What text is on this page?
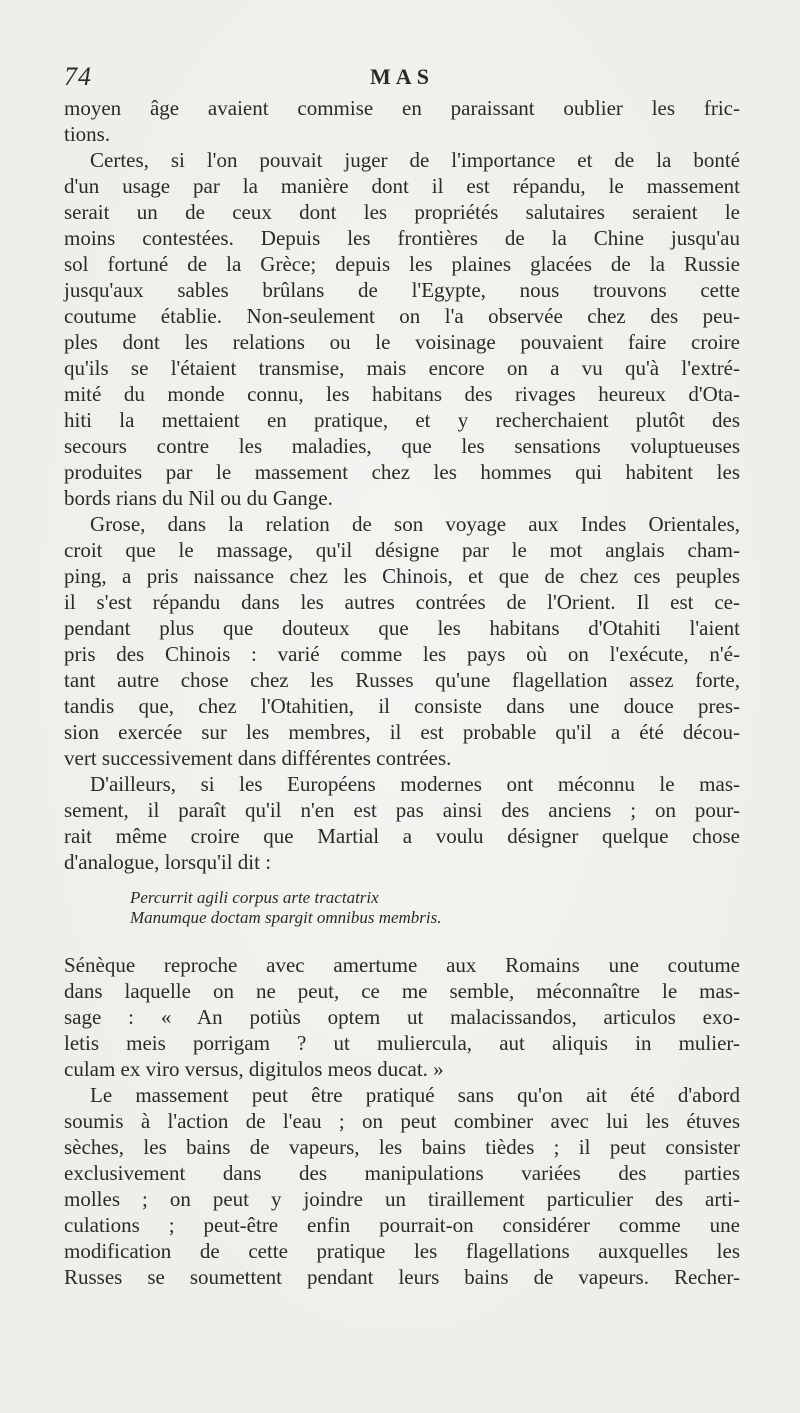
74	MAS
moyen âge avaient commise en paraissant oublier les fric-
tions.
Certes, si l'on pouvait juger de l'importance et de la bonté
d'un usage par la manière dont il est répandu, le massement
serait un de ceux dont les propriétés salutaires seraient le
moins contestées. Depuis les frontières de la Chine jusqu'au
sol fortuné de la Grèce; depuis les plaines glacées de la Russie
jusqu'aux sables brûlans de l'Egypte, nous trouvons cette
coutume établie. Non-seulement on l'a observée chez des peu-
ples dont les relations ou le voisinage pouvaient faire croire
qu'ils se l'étaient transmise, mais encore on a vu qu'à l'extré-
mité du monde connu, les habitans des rivages heureux d'Ota-
hiti la mettaient en pratique, et y recherchaient plutôt des
secours contre les maladies, que les sensations voluptueuses
produites par le massement chez les hommes qui habitent les
bords rians du Nil ou du Gange.
Grose, dans la relation de son voyage aux Indes Orientales,
croit que le massage, qu'il désigne par le mot anglais cham-
ping, a pris naissance chez les Chinois, et que de chez ces peuples
il s'est répandu dans les autres contrées de l'Orient. Il est ce-
pendant plus que douteux que les habitans d'Otahiti l'aient
pris des Chinois : varié comme les pays où on l'exécute, n'é-
tant autre chose chez les Russes qu'une flagellation assez forte,
tandis que, chez l'Otahitien, il consiste dans une douce pres-
sion exercée sur les membres, il est probable qu'il a été décou-
vert successivement dans différentes contrées.
D'ailleurs, si les Européens modernes ont méconnu le mas-
sement, il paraît qu'il n'en est pas ainsi des anciens ; on pour-
rait même croire que Martial a voulu désigner quelque chose
d'analogue, lorsqu'il dit :
Percurrit agili corpus arte tractatrix
Manumque doctam spargit omnibus membris.
Sénèque reproche avec amertume aux Romains une coutume
dans laquelle on ne peut, ce me semble, méconnaître le mas-
sage : « An potiùs optem ut malacissandos, articulos exo-
letis meis porrigam ? ut muliercula, aut aliquis in mulier-
culam ex viro versus, digitulos meos ducat. »
Le massement peut être pratiqué sans qu'on ait été d'abord
soumis à l'action de l'eau ; on peut combiner avec lui les étuves
sèches, les bains de vapeurs, les bains tièdes ; il peut consister
exclusivement dans des manipulations variées des parties
molles ; on peut y joindre un tiraillement particulier des arti-
culations ; peut-être enfin pourrait-on considérer comme une
modification de cette pratique les flagellations auxquelles les
Russes se soumettent pendant leurs bains de vapeurs. Recher-
